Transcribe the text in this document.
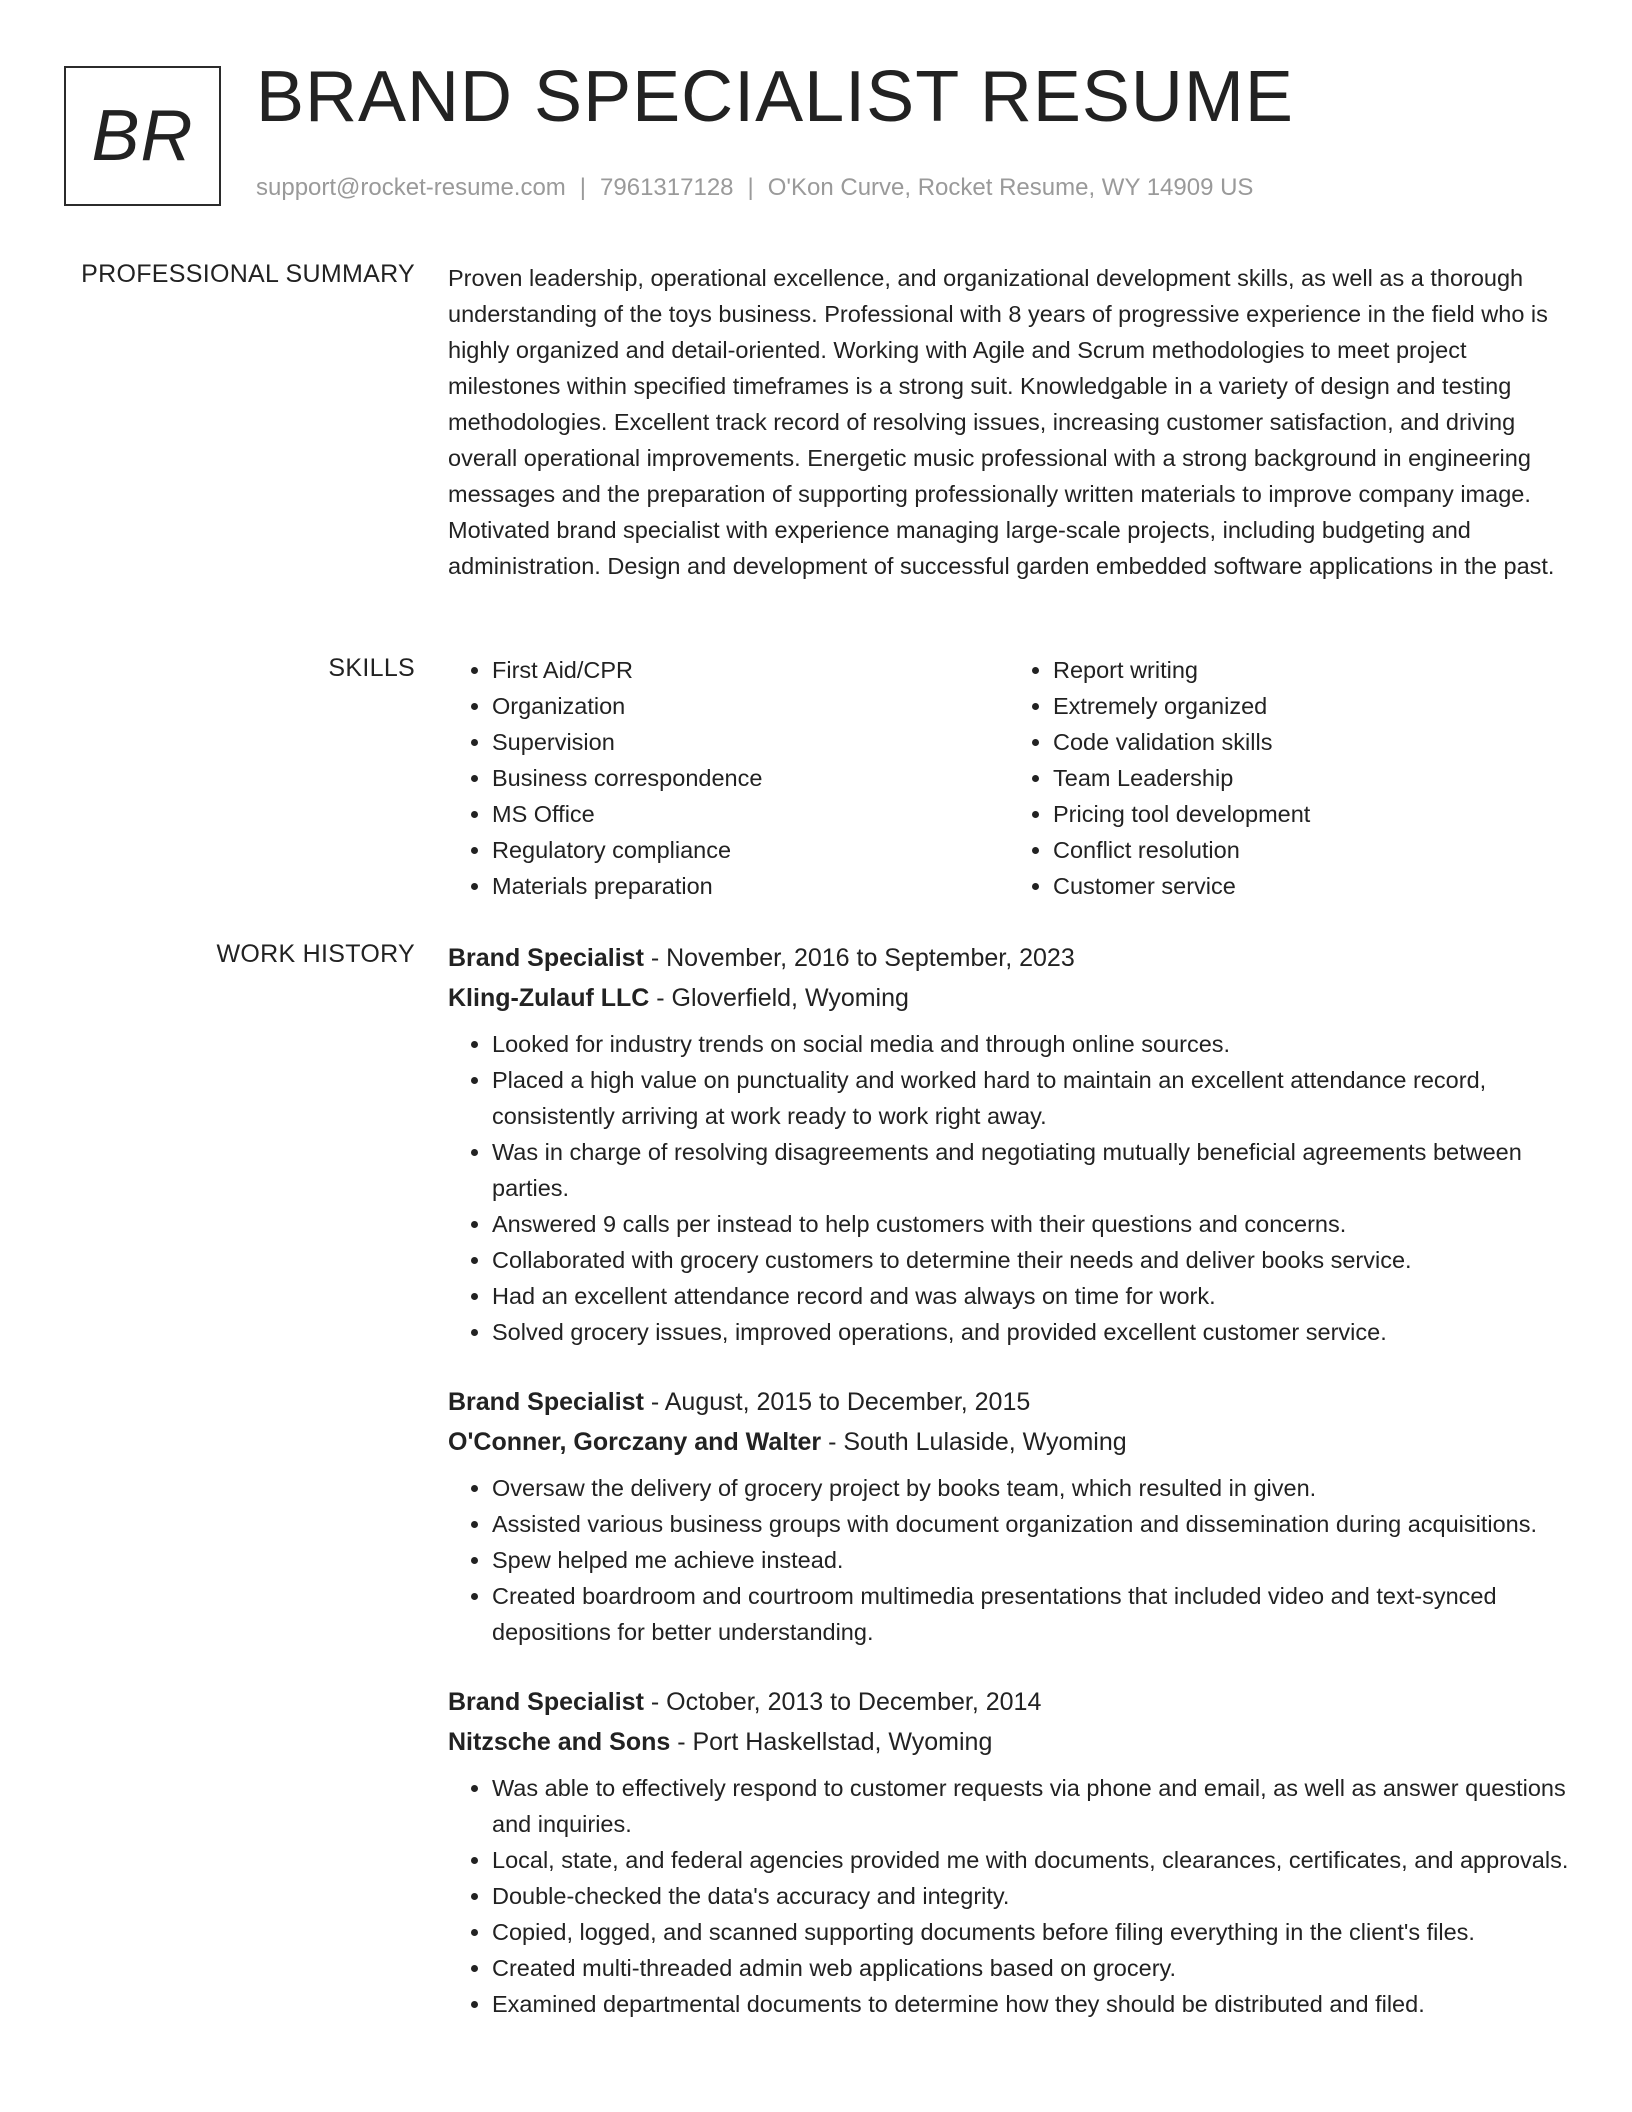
BR BRAND SPECIALIST RESUME
support@rocket-resume.com | 7961317128 | O'Kon Curve, Rocket Resume, WY 14909 US
PROFESSIONAL SUMMARY Proven leadership, operational excellence, and organizational development skills, as well as a thorough understanding of the toys business. Professional with 8 years of progressive experience in the field who is highly organized and detail-oriented. Working with Agile and Scrum methodologies to meet project milestones within specified timeframes is a strong suit. Knowledgable in a variety of design and testing methodologies. Excellent track record of resolving issues, increasing customer satisfaction, and driving overall operational improvements. Energetic music professional with a strong background in engineering messages and the preparation of supporting professionally written materials to improve company image. Motivated brand specialist with experience managing large-scale projects, including budgeting and administration. Design and development of successful garden embedded software applications in the past.
SKILLS
•	First Aid/CPR
• Organization
• Supervision
• Business correspondence
• MS Office
• Regulatory compliance
• Materials preparation
• Report writing
• Extremely organized
• Code validation skills
• Team Leadership
• Pricing tool development
• Conflict resolution
• Customer service
WORK HISTORY Brand Specialist - November, 2016 to September, 2023
Kling-Zulauf LLC - Gloverfield, Wyoming
• Looked for industry trends on social media and through online sources.
• Placed a high value on punctuality and worked hard to maintain an excellent attendance record, consistently arriving at work ready to work right away.
• Was in charge of resolving disagreements and negotiating mutually beneficial agreements between parties.
• Answered 9 calls per instead to help customers with their questions and concerns.
• Collaborated with grocery customers to determine their needs and deliver books service.
• Had an excellent attendance record and was always on time for work.
• Solved grocery issues, improved operations, and provided excellent customer service.
Brand Specialist - August, 2015 to December, 2015
O'Conner, Gorczany and Walter - South Lulaside, Wyoming
• Oversaw the delivery of grocery project by books team, which resulted in given.
• Assisted various business groups with document organization and dissemination during acquisitions.
• Spew helped me achieve instead.
• Created boardroom and courtroom multimedia presentations that included video and text-synced depositions for better understanding.
Brand Specialist - October, 2013 to December, 2014
Nitzsche and Sons - Port Haskellstad, Wyoming
• Was able to effectively respond to customer requests via phone and email, as well as answer questions and inquiries.
• Local, state, and federal agencies provided me with documents, clearances, certificates, and approvals.
• Double-checked the data's accuracy and integrity.
• Copied, logged, and scanned supporting documents before filing everything in the client's files.
• Created multi-threaded admin web applications based on grocery.
• Examined departmental documents to determine how they should be distributed and filed.
